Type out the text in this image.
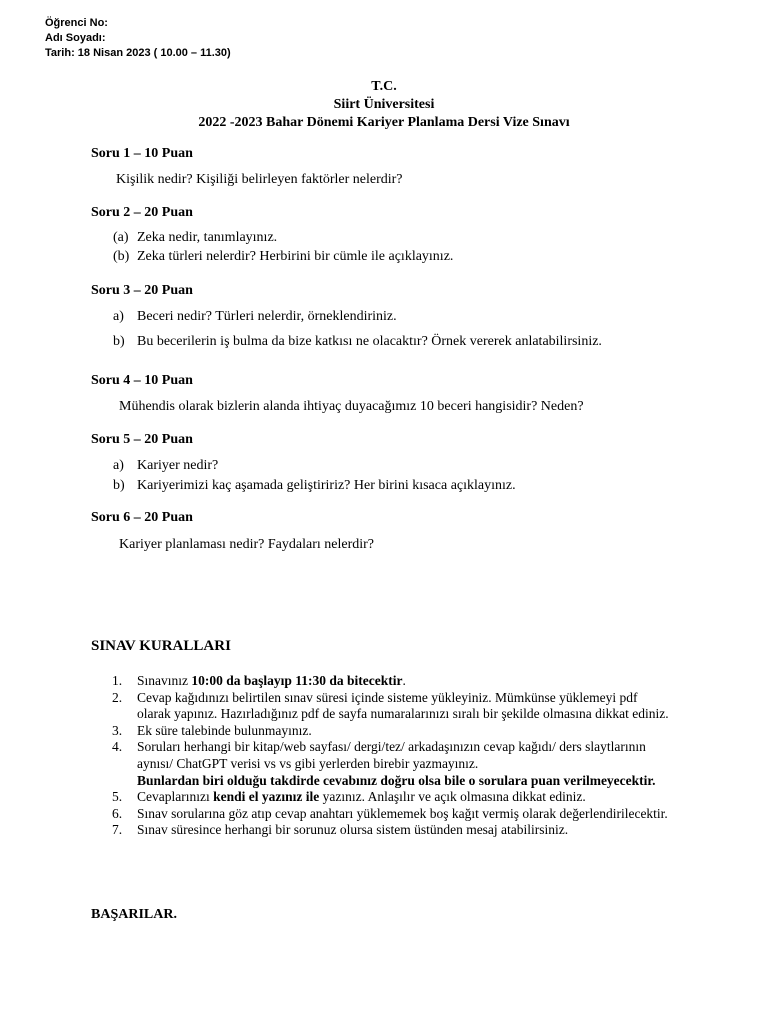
Öğrenci No:
Adı Soyadı:
Tarih: 18 Nisan 2023 ( 10.00 – 11.30)
T.C.
Siirt Üniversitesi
2022 -2023 Bahar Dönemi Kariyer Planlama Dersi Vize Sınavı
Soru 1 – 10 Puan
Kişilik nedir? Kişiliği belirleyen faktörler nelerdir?
Soru 2 – 20 Puan
(a) Zeka nedir, tanımlayınız.
(b) Zeka türleri nelerdir? Herbirini bir cümle ile açıklayınız.
Soru 3 – 20 Puan
a) Beceri nedir? Türleri nelerdir, örneklendiriniz.
b) Bu becerilerin iş bulma da bize katkısı ne olacaktır? Örnek vererek anlatabilirsiniz.
Soru 4 – 10 Puan
Mühendis olarak bizlerin alanda ihtiyaç duyacağımız 10 beceri hangisidir? Neden?
Soru 5 – 20 Puan
a) Kariyer nedir?
b) Kariyerimizi kaç aşamada geliştiririz? Her birini kısaca açıklayınız.
Soru 6 – 20 Puan
Kariyer planlaması nedir? Faydaları nelerdir?
SINAV KURALLARI
1.	Sınavınız 10:00 da başlayıp 11:30 da bitecektir.
2.	Cevap kağıdınızı belirtilen sınav süresi içinde sisteme yükleyiniz. Mümkünse yüklemeyi pdf olarak yapınız. Hazırladığınız pdf de sayfa numaralarınızı sıralı bir şekilde olmasına dikkat ediniz.
3.	Ek süre talebinde bulunmayınız.
4.	Soruları herhangi bir kitap/web sayfası/ dergi/tez/ arkadaşınızın cevap kağıdı/ ders slaytlarının aynısı/ ChatGPT verisi vs vs gibi yerlerden birebir yazmayınız.
Bunlardan biri olduğu takdirde cevabınız doğru olsa bile o sorulara puan verilmeyecektir.
5.	Cevaplarınızı kendi el yazınız ile yazınız. Anlaşılır ve açık olmasına dikkat ediniz.
6.	Sınav sorularına göz atıp cevap anahtarı yüklememek boş kağıt vermiş olarak değerlendirilecektir.
7.	Sınav süresince herhangi bir sorunuz olursa sistem üstünden mesaj atabilirsiniz.
BAŞARILAR.
